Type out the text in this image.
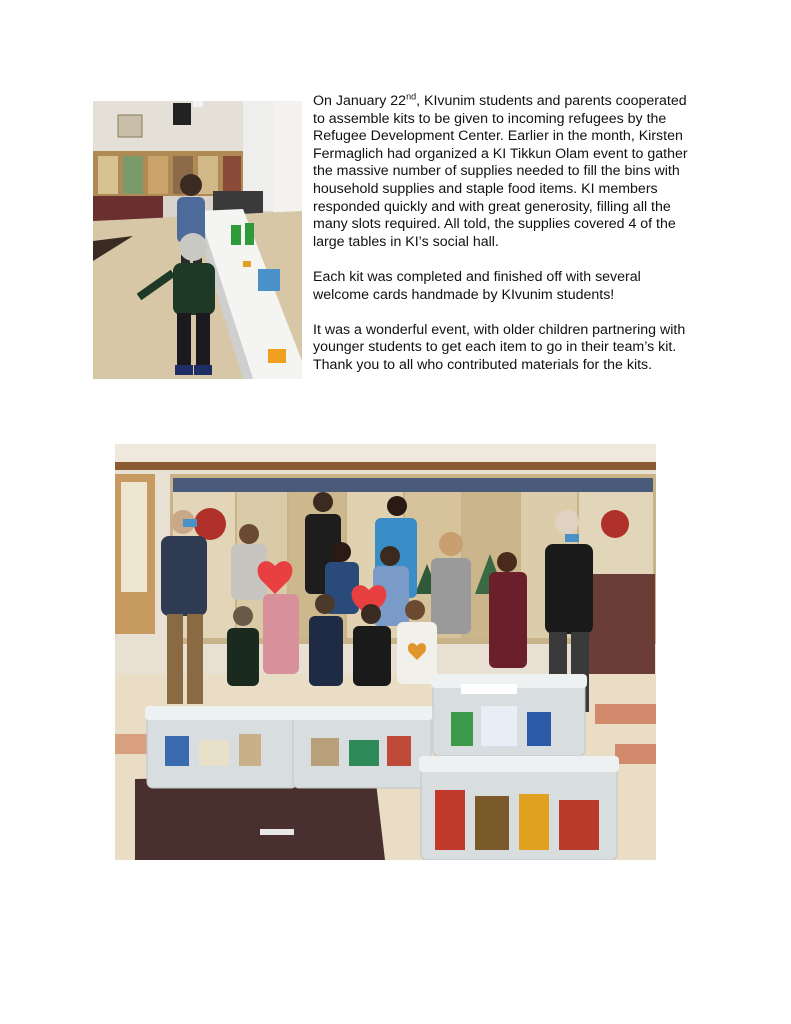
On January 22nd, KIvunim students and parents cooperated to assemble kits to be given to incoming refugees by the Refugee Development Center. Earlier in the month, Kirsten Fermaglich had organized a KI Tikkun Olam event to gather the massive number of supplies needed to fill the bins with household supplies and staple food items. KI members responded quickly and with great generosity, filling all the many slots required. All told, the supplies covered 4 of the large tables in KI’s social hall.

Each kit was completed and finished off with several welcome cards handmade by KIvunim students!

It was a wonderful event, with older children partnering with younger students to get each item to go in their team’s kit. Thank you to all who contributed materials for the kits.
